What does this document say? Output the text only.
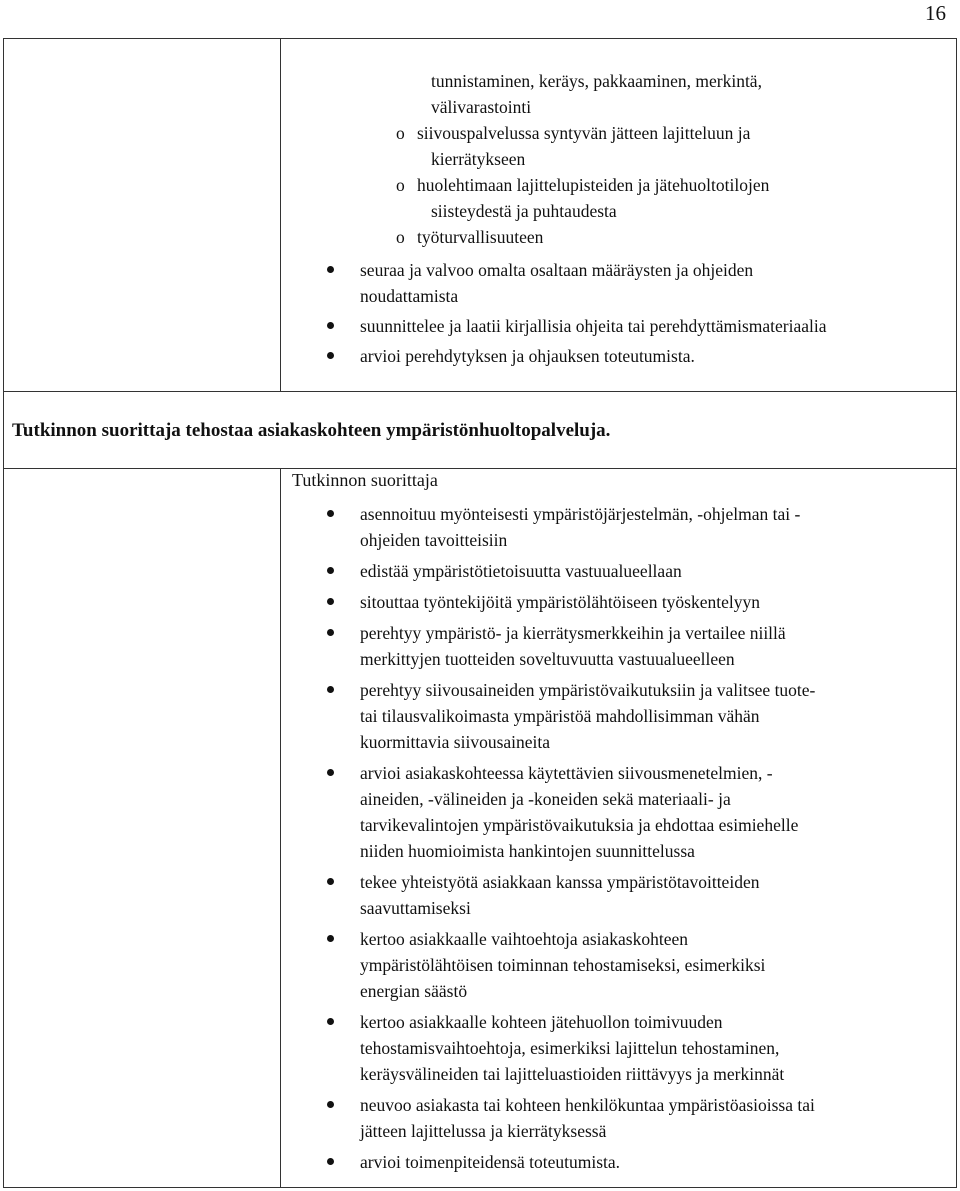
16
tunnistaminen, keräys, pakkaaminen, merkintä,
välivarastointi
o siivouspalvelussa syntyvän jätteen lajitteluun ja
kierrätykseen
o huolehtimaan lajittelupisteiden ja jätehuoltotilojen
siisteydestä ja puhtaudesta
o työturvallisuuteen
seuraa ja valvoo omalta osaltaan määräysten ja ohjeiden
noudattamista
suunnittelee ja laatii kirjallisia ohjeita tai perehdyttämismateriaalia
arvioi perehdytyksen ja ohjauksen toteutumista.
Tutkinnon suorittaja tehostaa asiakaskohteen ympäristönhuoltopalveluja.
Tutkinnon suorittaja
asennoituu myönteisesti ympäristöjärjestelmän, -ohjelman tai -
ohjeiden tavoitteisiin
edistää ympäristötietoisuutta vastuualueellaan
sitouttaa työntekijöitä ympäristölähtöiseen työskentelyyn
perehtyy ympäristö- ja kierrätysmerkkeihin ja vertailee niillä
merkittyjen tuotteiden soveltuvuutta vastuualueelleen
perehtyy siivousaineiden ympäristövaikutuksiin ja valitsee tuote-
tai tilausvalikoimasta ympäristöä mahdollisimman vähän
kuormittavia siivousaineita
arvioi asiakaskohteessa käytettävien siivousmenetelmien, -
aineiden, -välineiden ja -koneiden sekä materiaali- ja
tarvikevalintojen ympäristövaikutuksia ja ehdottaa esimiehelle
niiden huomioimista hankintojen suunnittelussa
tekee yhteistyötä asiakkaan kanssa ympäristötavoitteiden
saavuttamiseksi
kertoo asiakkaalle vaihtoehtoja asiakaskohteen
ympäristölähtöisen toiminnan tehostamiseksi, esimerkiksi
energian säästö
kertoo asiakkaalle kohteen jätehuollon toimivuuden
tehostamisvaihtoehtoja, esimerkiksi lajittelun tehostaminen,
keräysvälineiden tai lajitteluastioiden riittävyys ja merkinnät
neuvoo asiakasta tai kohteen henkilökuntaa ympäristöasioissa tai
jätteen lajittelussa ja kierrätyksessä
arvioi toimenpiteidensä toteutumista.
